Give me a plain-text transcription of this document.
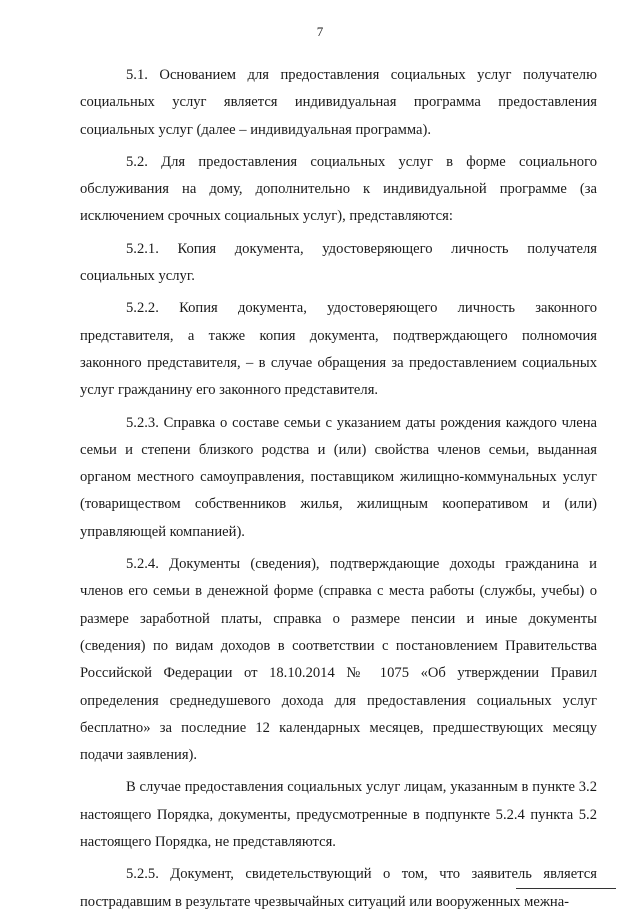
7

5.1. Основанием для предоставления социальных услуг получателю социальных услуг является индивидуальная программа предоставления социальных услуг (далее – индивидуальная программа).

5.2. Для предоставления социальных услуг в форме социального обслуживания на дому, дополнительно к индивидуальной программе (за исключением срочных социальных услуг), представляются:

5.2.1. Копия документа, удостоверяющего личность получателя социальных услуг.

5.2.2. Копия документа, удостоверяющего личность законного представителя, а также копия документа, подтверждающего полномочия законного представителя, – в случае обращения за предоставлением социальных услуг гражданину его законного представителя.

5.2.3. Справка о составе семьи с указанием даты рождения каждого члена семьи и степени близкого родства и (или) свойства членов семьи, выданная органом местного самоуправления, поставщиком жилищно-коммунальных услуг (товариществом собственников жилья, жилищным кооперативом и (или) управляющей компанией).

5.2.4. Документы (сведения), подтверждающие доходы гражданина и членов его семьи в денежной форме (справка с места работы (службы, учебы) о размере заработной платы, справка о размере пенсии и иные документы (сведения) по видам доходов в соответствии с постановлением Правительства Российской Федерации от 18.10.2014 № 1075 «Об утверждении Правил определения среднедушевого дохода для предоставления социальных услуг бесплатно» за последние 12 календарных месяцев, предшествующих месяцу подачи заявления).

В случае предоставления социальных услуг лицам, указанным в пункте 3.2 настоящего Порядка, документы, предусмотренные в подпункте 5.2.4 пункта 5.2 настоящего Порядка, не представляются.

5.2.5. Документ, свидетельствующий о том, что заявитель является пострадавшим в результате чрезвычайных ситуаций или вооруженных межна-
